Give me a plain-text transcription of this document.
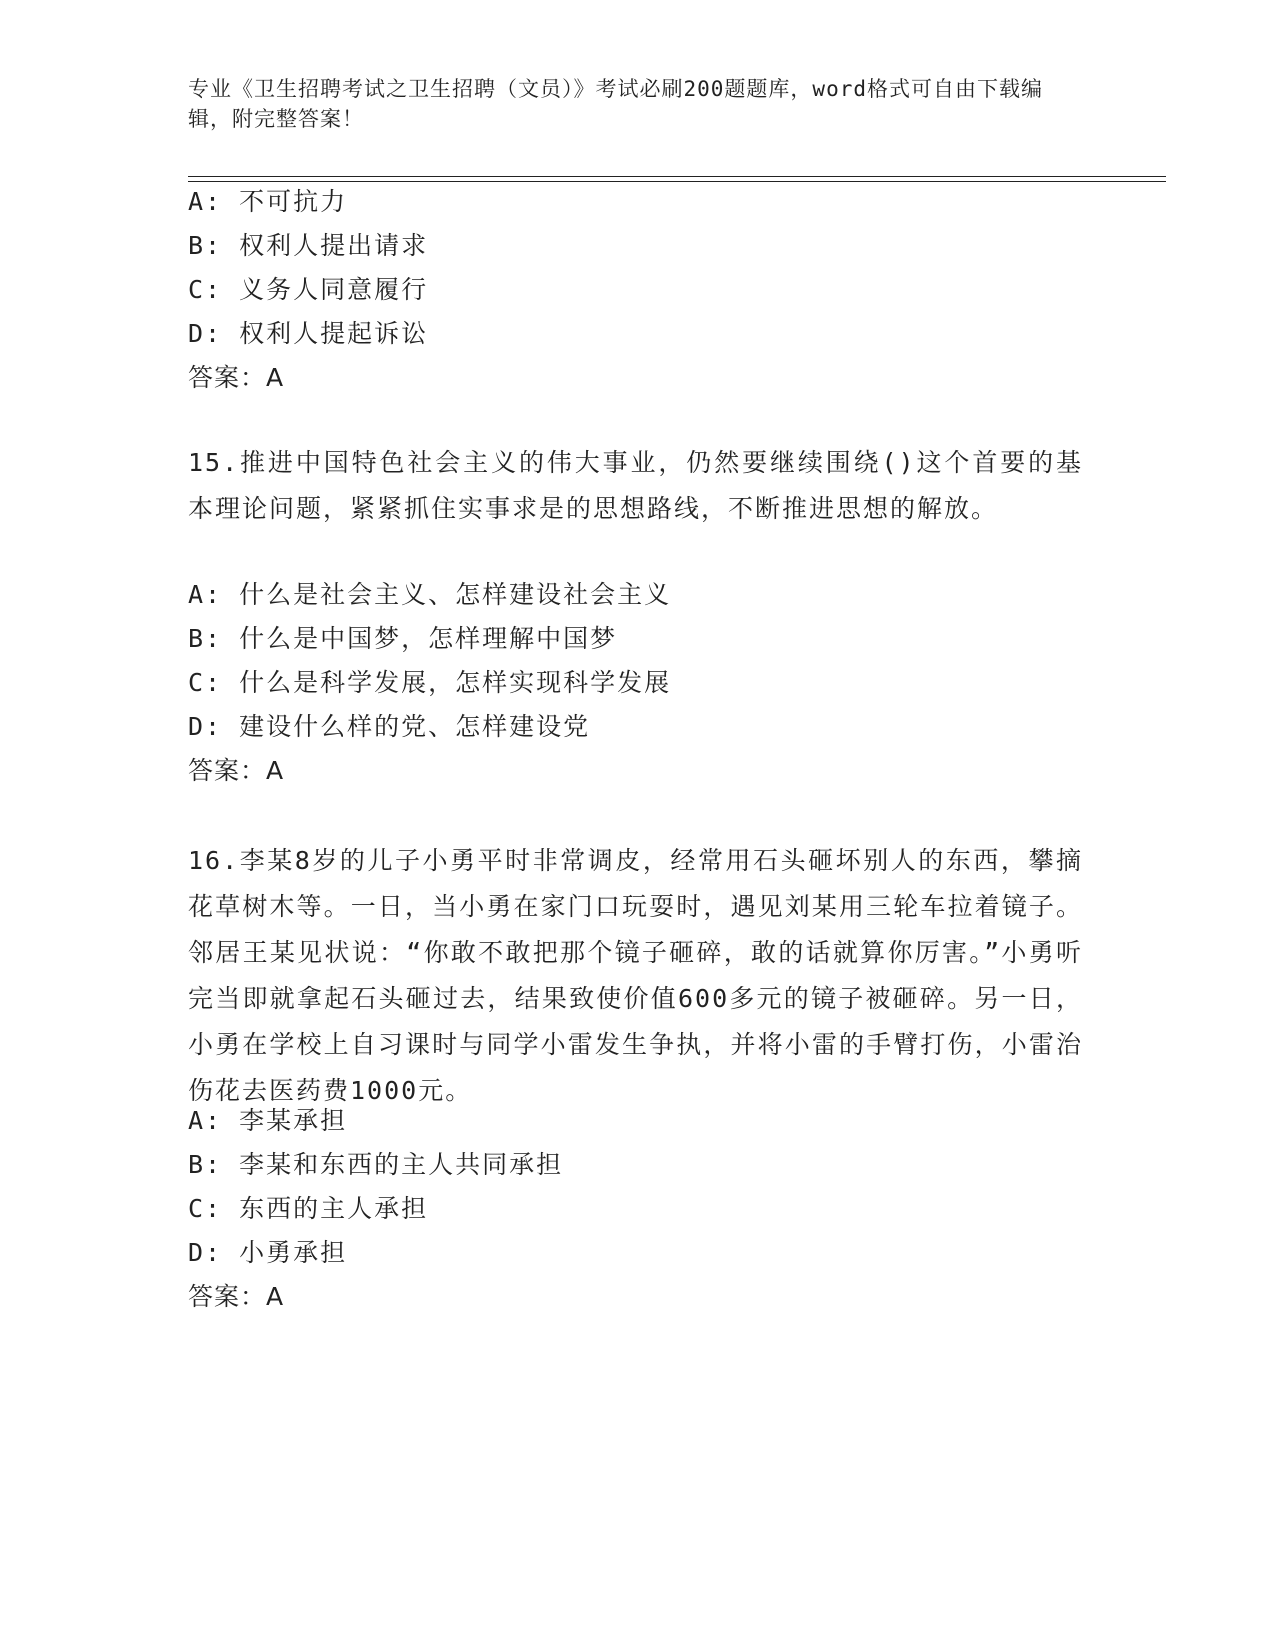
专业《卫生招聘考试之卫生招聘（文员）》考试必刷200题题库，word格式可自由下载编辑，附完整答案！

A: 不可抗力

B: 权利人提出请求

C: 义务人同意履行

D: 权利人提起诉讼

答案：A

15.推进中国特色社会主义的伟大事业，仍然要继续围绕()这个首要的基本理论问题，紧紧抓住实事求是的思想路线，不断推进思想的解放。

A: 什么是社会主义、怎样建设社会主义

B: 什么是中国梦，怎样理解中国梦

C: 什么是科学发展，怎样实现科学发展

D: 建设什么样的党、怎样建设党

答案：A

16.李某8岁的儿子小勇平时非常调皮，经常用石头砸坏别人的东西，攀摘花草树木等。一日，当小勇在家门口玩耍时，遇见刘某用三轮车拉着镜子。邻居王某见状说：“你敢不敢把那个镜子砸碎，敢的话就算你厉害。”小勇听完当即就拿起石头砸过去，结果致使价值600多元的镜子被砸碎。另一日，小勇在学校上自习课时与同学小雷发生争执，并将小雷的手臂打伤，小雷治伤花去医药费1000元。

A: 李某承担

B: 李某和东西的主人共同承担

C: 东西的主人承担

D: 小勇承担

答案：A
